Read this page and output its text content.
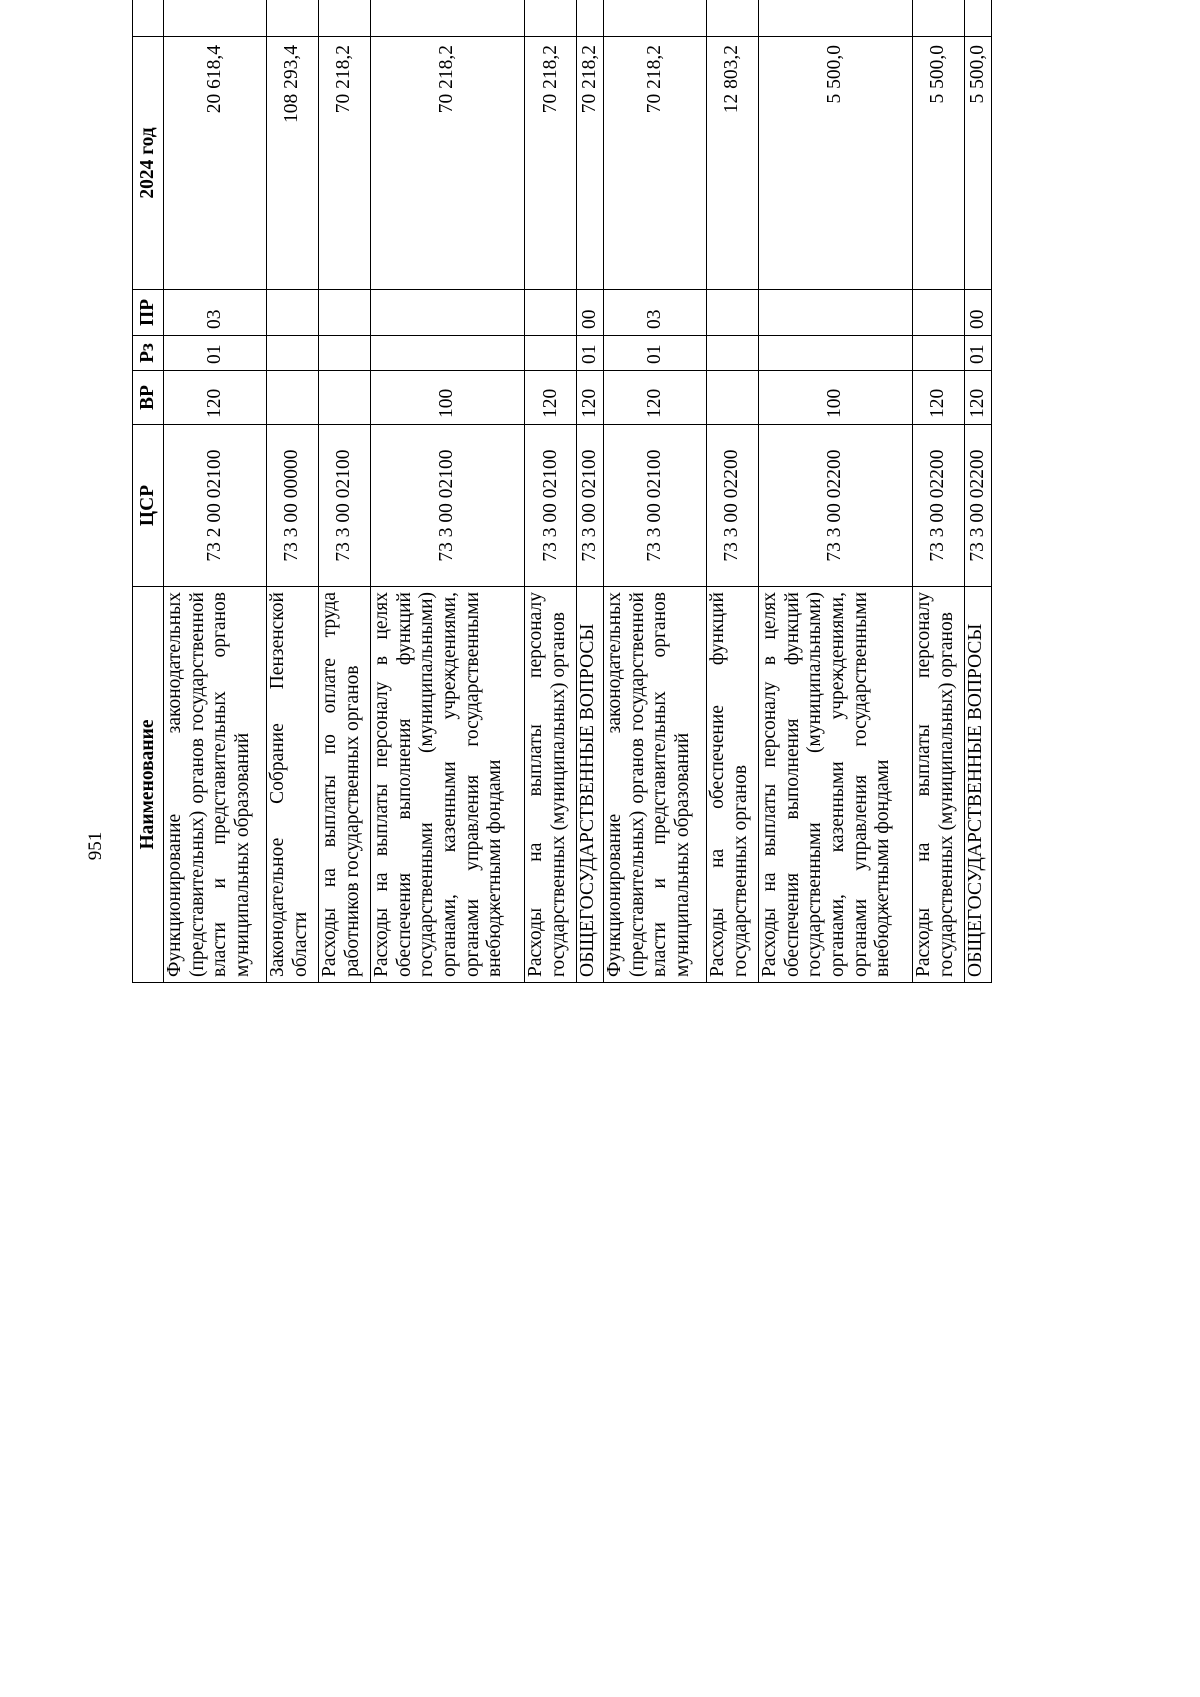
951 Наименование	ЦСР	ВР	Рз	ПР	2024 год		
Функционирование законодательных (представительных) органов государственной власти и представительных органов муниципальных образований	73 2 00 02100	120	01	03	20 618,4		
Законодательное Собрание Пензенской области	73 3 00 00000				108 293,4		
Расходы на выплаты по оплате труда работников государственных органов	73 3 00 02100				70 218,2		
Расходы на выплаты персоналу в целях обеспечения выполнения функций государственными (муниципальными) органами, казенными учреждениями, органами управления государственными внебюджетными фондами	73 3 00 02100	100			70 218,2		
Расходы на выплаты персоналу государственных (муниципальных) органов	73 3 00 02100	120			70 218,2		
ОБЩЕГОСУДАРСТВЕННЫЕ ВОПРОСЫ	73 3 00 02100	120	01	00	70 218,2		
Функционирование законодательных (представительных) органов государственной власти и представительных органов муниципальных образований	73 3 00 02100	120	01	03	70 218,2		
Расходы на обеспечение функций государственных органов	73 3 00 02200				12 803,2		
Расходы на выплаты персоналу в целях обеспечения выполнения функций государственными (муниципальными) органами, казенными учреждениями, органами управления государственными внебюджетными фондами	73 3 00 02200	100			5 500,0		
Расходы на выплаты персоналу государственных (муниципальных) органов	73 3 00 02200	120			5 500,0		
ОБЩЕГОСУДАРСТВЕННЫЕ ВОПРОСЫ	73 3 00 02200	120	01	00	5 500,0		
